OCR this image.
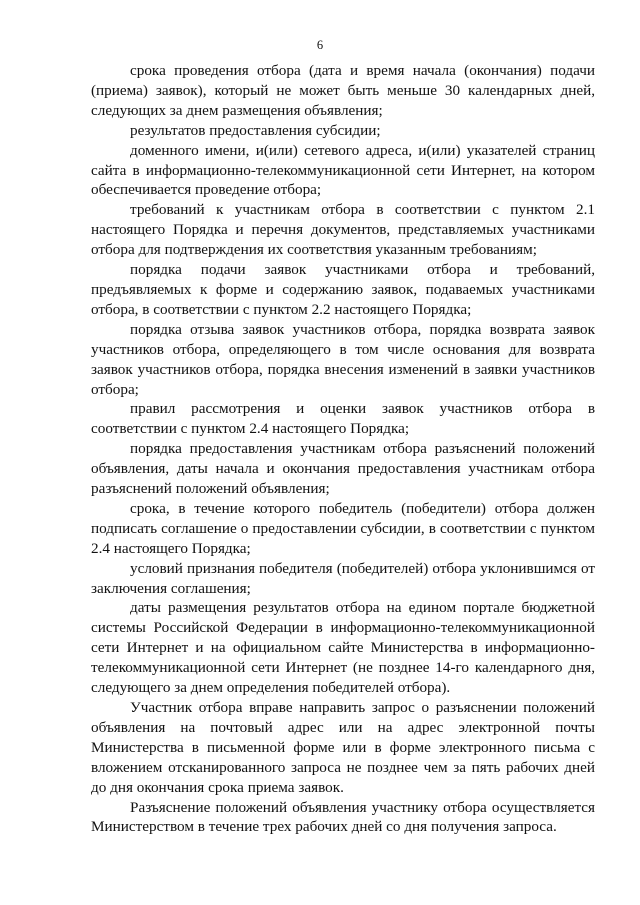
6

срока проведения отбора (дата и время начала (окончания) подачи (приема) заявок), который не может быть меньше 30 календарных дней, следующих за днем размещения объявления;

результатов предоставления субсидии;

доменного имени, и(или) сетевого адреса, и(или) указателей страниц сайта в информационно-телекоммуникационной сети Интернет, на котором обеспечивается проведение отбора;

требований к участникам отбора в соответствии с пунктом 2.1 настоящего Порядка и перечня документов, представляемых участниками отбора для подтверждения их соответствия указанным требованиям;

порядка подачи заявок участниками отбора и требований, предъявляемых к форме и содержанию заявок, подаваемых участниками отбора, в соответствии с пунктом 2.2 настоящего Порядка;

порядка отзыва заявок участников отбора, порядка возврата заявок участников отбора, определяющего в том числе основания для возврата заявок участников отбора, порядка внесения изменений в заявки участников отбора;

правил рассмотрения и оценки заявок участников отбора в соответствии с пунктом 2.4 настоящего Порядка;

порядка предоставления участникам отбора разъяснений положений объявления, даты начала и окончания предоставления участникам отбора разъяснений положений объявления;

срока, в течение которого победитель (победители) отбора должен подписать соглашение о предоставлении субсидии, в соответствии с пунктом 2.4 настоящего Порядка;

условий признания победителя (победителей) отбора уклонившимся от заключения соглашения;

даты размещения результатов отбора на едином портале бюджетной системы Российской Федерации в информационно-телекоммуникационной сети Интернет и на официальном сайте Министерства в информационно-телекоммуникационной сети Интернет (не позднее 14-го календарного дня, следующего за днем определения победителей отбора).

Участник отбора вправе направить запрос о разъяснении положений объявления на почтовый адрес или на адрес электронной почты Министерства в письменной форме или в форме электронного письма с вложением отсканированного запроса не позднее чем за пять рабочих дней до дня окончания срока приема заявок.

Разъяснение положений объявления участнику отбора осуществляется Министерством в течение трех рабочих дней со дня получения запроса.
